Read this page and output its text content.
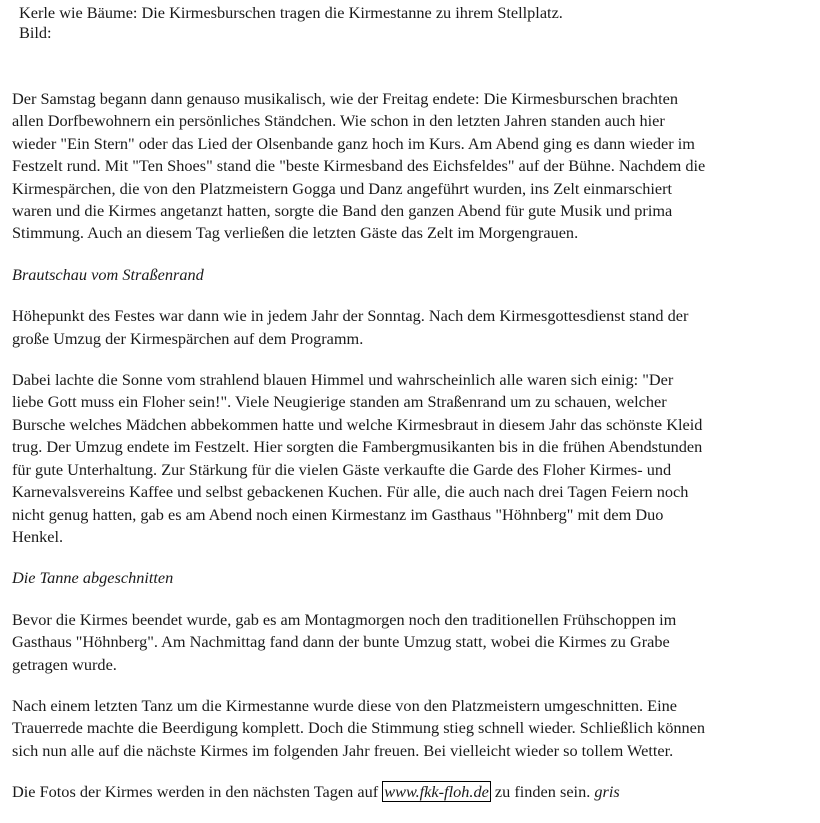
Kerle wie Bäume: Die Kirmesburschen tragen die Kirmestanne zu ihrem Stellplatz.
Bild:

Der Samstag begann dann genauso musikalisch, wie der Freitag endete: Die Kirmesburschen brachten
allen Dorfbewohnern ein persönliches Ständchen. Wie schon in den letzten Jahren standen auch hier
wieder "Ein Stern" oder das Lied der Olsenbande ganz hoch im Kurs. Am Abend ging es dann wieder im
Festzelt rund. Mit "Ten Shoes" stand die "beste Kirmesband des Eichsfeldes" auf der Bühne. Nachdem die
Kirmespärchen, die von den Platzmeistern Gogga und Danz angeführt wurden, ins Zelt einmarschiert
waren und die Kirmes angetanzt hatten, sorgte die Band den ganzen Abend für gute Musik und prima
Stimmung. Auch an diesem Tag verließen die letzten Gäste das Zelt im Morgengrauen.

Brautschau vom Straßenrand

Höhepunkt des Festes war dann wie in jedem Jahr der Sonntag. Nach dem Kirmesgottesdienst stand der
große Umzug der Kirmespärchen auf dem Programm.

Dabei lachte die Sonne vom strahlend blauen Himmel und wahrscheinlich alle waren sich einig: "Der
liebe Gott muss ein Floher sein!". Viele Neugierige standen am Straßenrand um zu schauen, welcher
Bursche welches Mädchen abbekommen hatte und welche Kirmesbraut in diesem Jahr das schönste Kleid
trug. Der Umzug endete im Festzelt. Hier sorgten die Fambergmusikanten bis in die frühen Abendstunden
für gute Unterhaltung. Zur Stärkung für die vielen Gäste verkaufte die Garde des Floher Kirmes- und
Karnevalsvereins Kaffee und selbst gebackenen Kuchen. Für alle, die auch nach drei Tagen Feiern noch
nicht genug hatten, gab es am Abend noch einen Kirmestanz im Gasthaus "Höhnberg" mit dem Duo
Henkel.

Die Tanne abgeschnitten

Bevor die Kirmes beendet wurde, gab es am Montagmorgen noch den traditionellen Frühschoppen im
Gasthaus "Höhnberg". Am Nachmittag fand dann der bunte Umzug statt, wobei die Kirmes zu Grabe
getragen wurde.

Nach einem letzten Tanz um die Kirmestanne wurde diese von den Platzmeistern umgeschnitten. Eine
Trauerrede machte die Beerdigung komplett. Doch die Stimmung stieg schnell wieder. Schließlich können
sich nun alle auf die nächste Kirmes im folgenden Jahr freuen. Bei vielleicht wieder so tollem Wetter.

Die Fotos der Kirmes werden in den nächsten Tagen auf www.fkk-floh.de zu finden sein. gris
